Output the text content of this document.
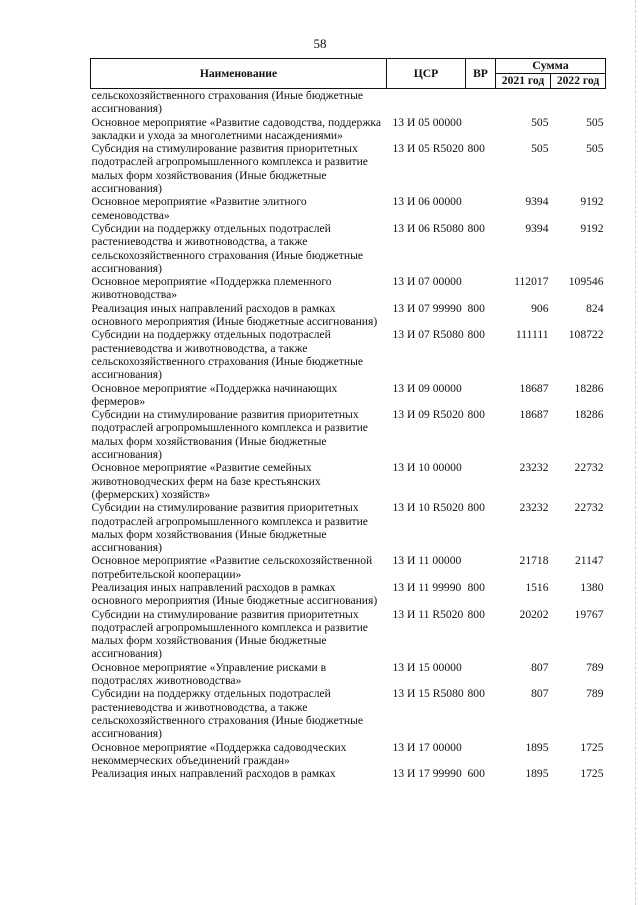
58
Наименование	ЦСР	ВР	Сумма	
			2021 год	2022 год
сельскохозяйственного страхования (Иные бюджетные ассигнования)				
Основное мероприятие «Развитие садоводства, поддержка закладки и ухода за многолетними насаждениями»	13 И 05 00000		505	505
Субсидия на стимулирование развития приоритетных подотраслей агропромышленного комплекса и развитие малых форм хозяйствования (Иные бюджетные ассигнования)	13 И 05 R5020	800	505	505
Основное мероприятие «Развитие элитного семеноводства»	13 И 06 00000		9394	9192
Субсидии на поддержку отдельных подотраслей растениеводства и животноводства, а также сельскохозяйственного страхования (Иные бюджетные ассигнования)	13 И 06 R5080	800	9394	9192
Основное мероприятие «Поддержка племенного животноводства»	13 И 07 00000		112017	109546
Реализация иных направлений расходов в рамках основного мероприятия (Иные бюджетные ассигнования)	13 И 07 99990	800	906	824
Субсидии на поддержку отдельных подотраслей растениеводства и животноводства, а также сельскохозяйственного страхования (Иные бюджетные ассигнования)	13 И 07 R5080	800	111111	108722
Основное мероприятие «Поддержка начинающих фермеров»	13 И 09 00000		18687	18286
Субсидии на стимулирование развития приоритетных подотраслей агропромышленного комплекса и развитие малых форм хозяйствования (Иные бюджетные ассигнования)	13 И 09 R5020	800	18687	18286
Основное мероприятие «Развитие семейных животноводческих ферм на базе крестьянских (фермерских) хозяйств»	13 И 10 00000		23232	22732
Субсидии на стимулирование развития приоритетных подотраслей агропромышленного комплекса и развитие малых форм хозяйствования (Иные бюджетные ассигнования)	13 И 10 R5020	800	23232	22732
Основное мероприятие «Развитие сельскохозяйственной потребительской кооперации»	13 И 11 00000		21718	21147
Реализация иных направлений расходов в рамках основного мероприятия (Иные бюджетные ассигнования)	13 И 11 99990	800	1516	1380
Субсидии на стимулирование развития приоритетных подотраслей агропромышленного комплекса и развитие малых форм хозяйствования (Иные бюджетные ассигнования)	13 И 11 R5020	800	20202	19767
Основное мероприятие «Управление рисками в подотраслях животноводства»	13 И 15 00000		807	789
Субсидии на поддержку отдельных подотраслей растениеводства и животноводства, а также сельскохозяйственного страхования (Иные бюджетные ассигнования)	13 И 15 R5080	800	807	789
Основное мероприятие «Поддержка садоводческих некоммерческих объединений граждан»	13 И 17 00000		1895	1725
Реализация иных направлений расходов в рамках	13 И 17 99990	600	1895	1725
